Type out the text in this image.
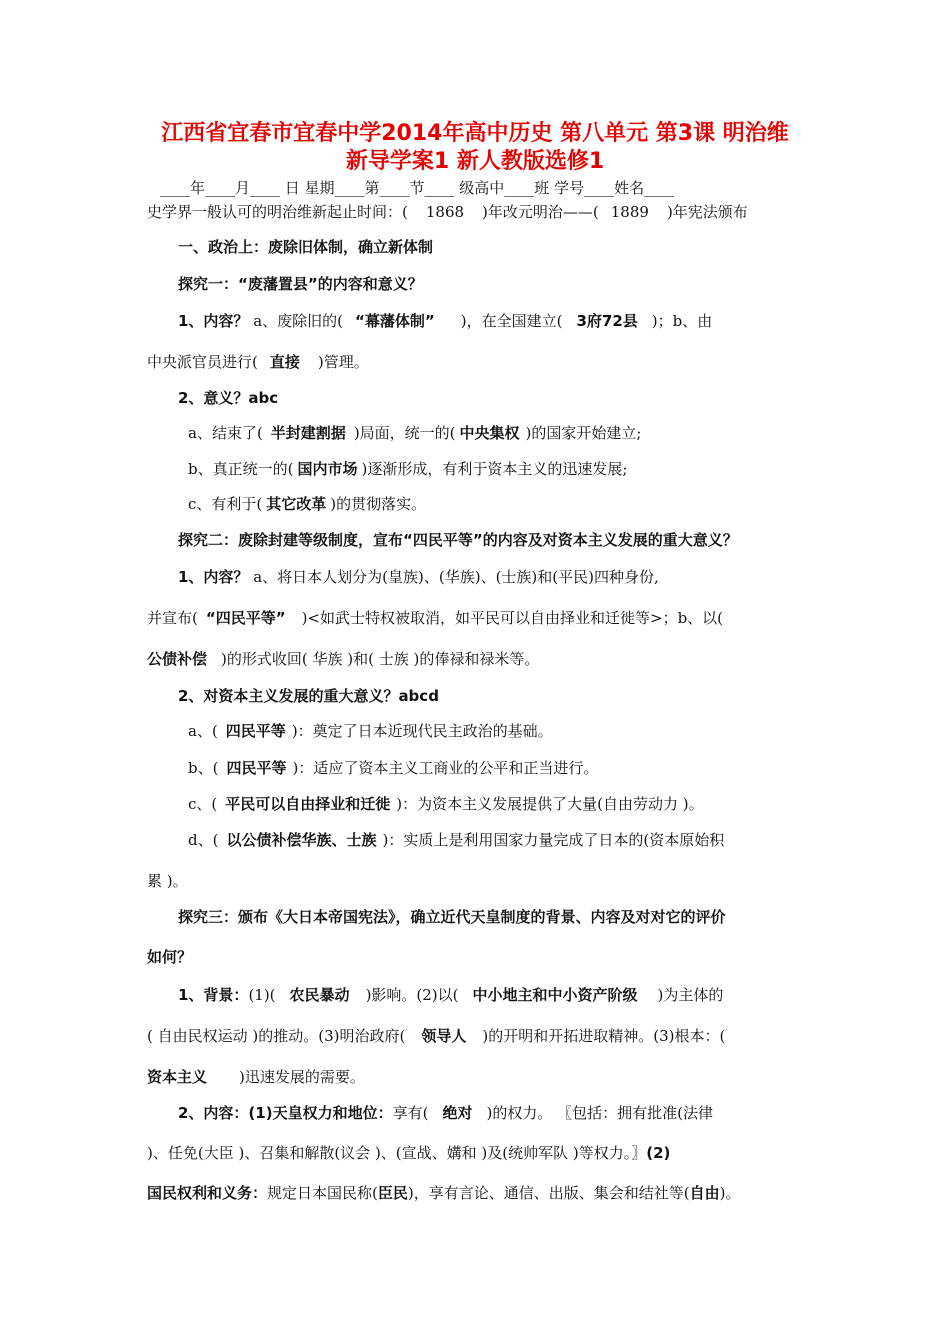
江西省宜春市宜春中学2014年高中历史 第八单元 第3课 明治维
新导学案1 新人教版选修1
____年____月____ 日 星期____第____节____ 级高中____班 学号____姓名____
史学界一般认可的明治维新起止时间：( 1868 )年改元明治——( 1889 )年宪法颁布
一、政治上：废除旧体制，确立新体制
探究一：“废藩置县”的内容和意义？
1、内容？ a、废除旧的( “幕藩体制” )，在全国建立( 3府72县 )；b、由
中央派官员进行( 直接 )管理。
2、意义？abc
a、结束了( 半封建割据 )局面，统一的( 中央集权 )的国家开始建立;
b、真正统一的( 国内市场 )逐渐形成，有利于资本主义的迅速发展;
c、有利于( 其它改革 )的贯彻落实。
探究二：废除封建等级制度，宣布“四民平等”的内容及对资本主义发展的重大意义？
1、内容？ a、将日本人划分为(皇族)、(华族)、(士族)和(平民)四种身份,
并宣布( “四民平等” )<如武士特权被取消，如平民可以自由择业和迁徙等>；b、以(
公债补偿 )的形式收回( 华族 )和( 士族 )的俸禄和禄米等。
2、对资本主义发展的重大意义？abcd
a、( 四民平等 )：奠定了日本近现代民主政治的基础。
b、( 四民平等 )：适应了资本主义工商业的公平和正当进行。
c、( 平民可以自由择业和迁徙 )：为资本主义发展提供了大量(自由劳动力 )。
d、( 以公债补偿华族、士族 )：实质上是利用国家力量完成了日本的(资本原始积
累 )。
探究三：颁布《大日本帝国宪法》，确立近代天皇制度的背景、内容及对对它的评价
如何？
1、背景：(1)( 农民暴动 )影响。(2)以( 中小地主和中小资产阶级 )为主体的
( 自由民权运动 )的推动。(3)明治政府( 领导人 )的开明和开拓进取精神。(3)根本：(
资本主义 )迅速发展的需要。
2、内容：(1)天皇权力和地位：享有( 绝对 )的权力。 〖包括：拥有批准(法律
)、任免(大臣 )、召集和解散(议会 )、(宣战、媾和 )及(统帅军队 )等权力。〗(2)
国民权利和义务：规定日本国民称(臣民)，享有言论、通信、出版、集会和结社等(自由)。
